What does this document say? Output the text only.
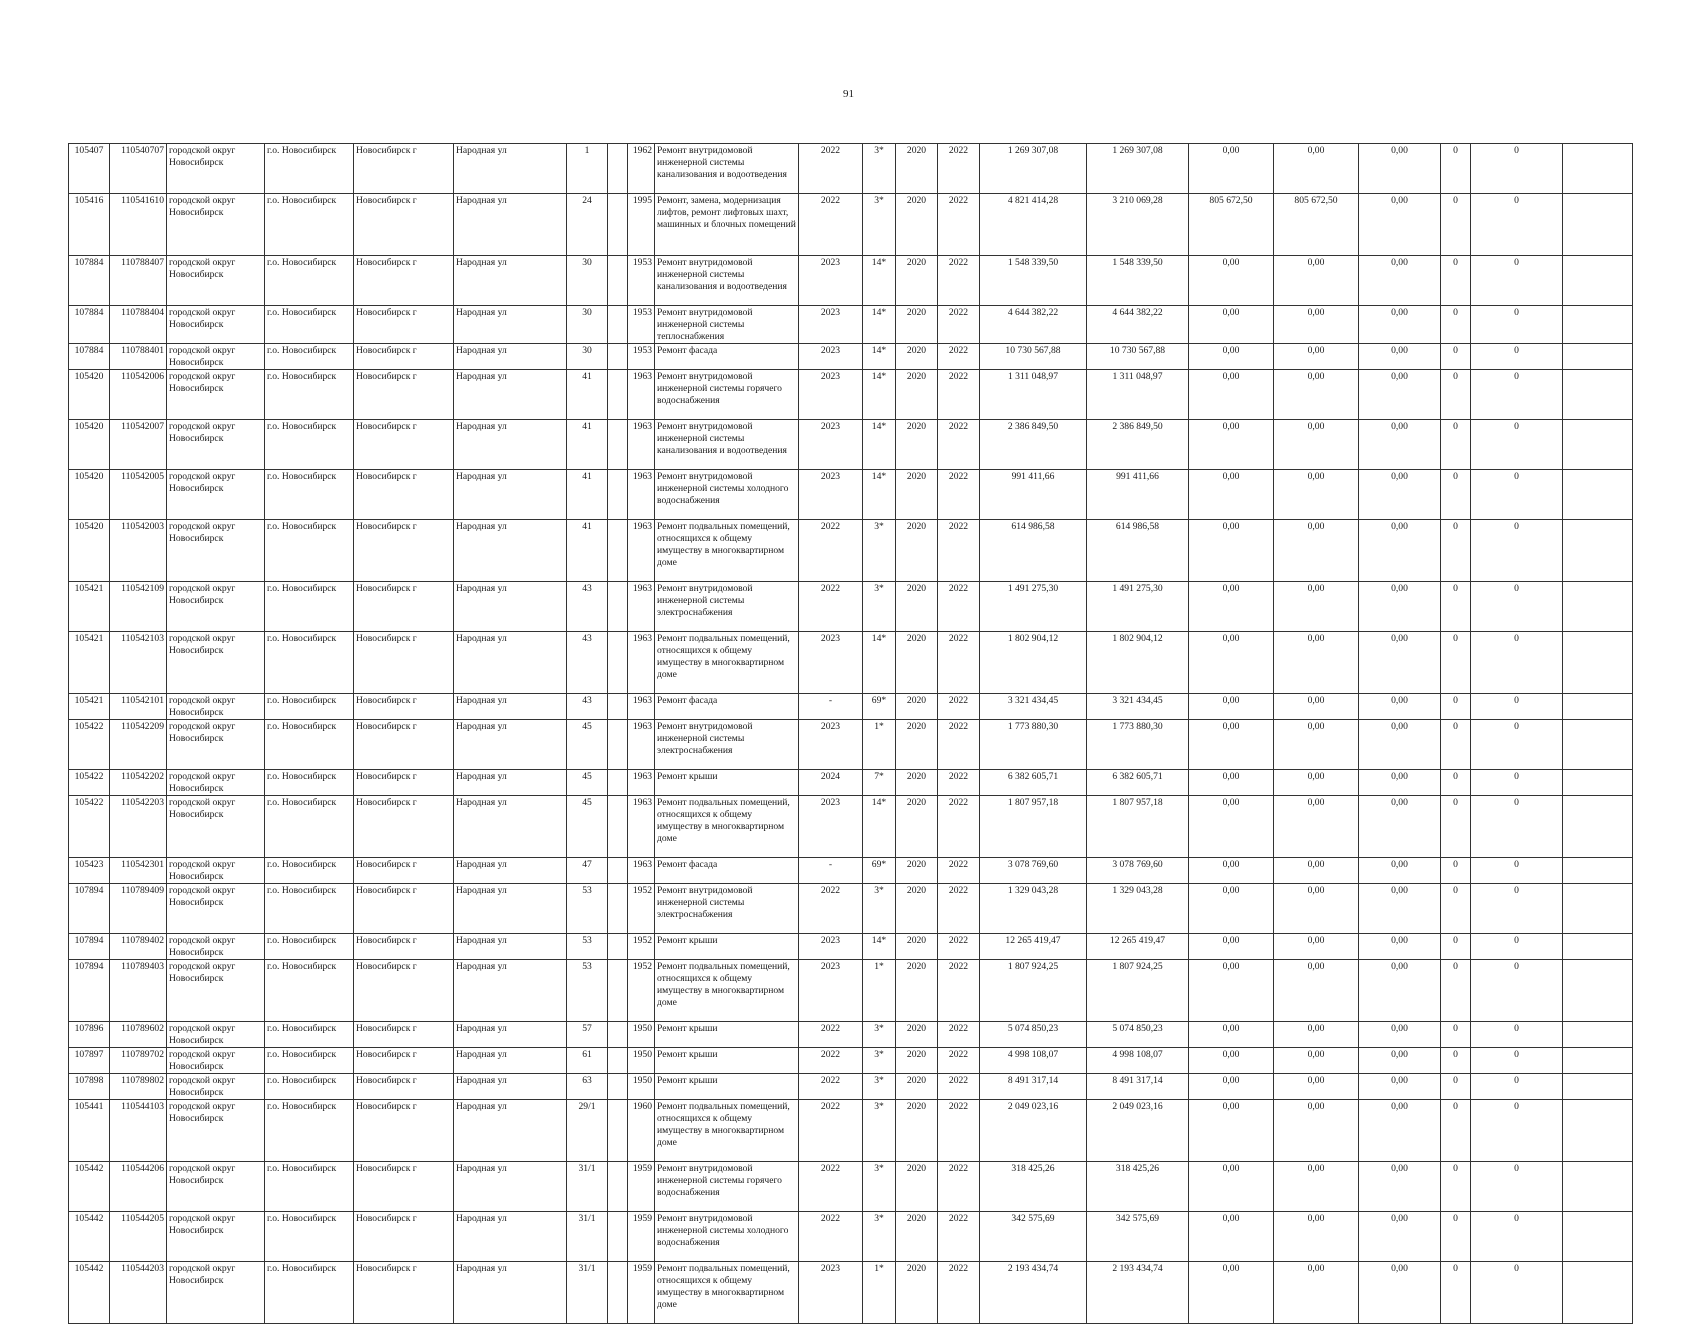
91
105407	110540707	городской округ Новосибирск	г.о. Новосибирск	Новосибирск г	Народная ул	1		1962	Ремонт внутридомовой инженерной системы канализования и водоотведения	2022	3*	2020	2022	1 269 307,08	1 269 307,08	0,00	0,00	0,00	0	0	
105416	110541610	городской округ Новосибирск	г.о. Новосибирск	Новосибирск г	Народная ул	24		1995	Ремонт, замена, модернизация лифтов, ремонт лифтовых шахт, машинных и блочных помещений	2022	3*	2020	2022	4 821 414,28	3 210 069,28	805 672,50	805 672,50	0,00	0	0	
107884	110788407	городской округ Новосибирск	г.о. Новосибирск	Новосибирск г	Народная ул	30		1953	Ремонт внутридомовой инженерной системы канализования и водоотведения	2023	14*	2020	2022	1 548 339,50	1 548 339,50	0,00	0,00	0,00	0	0	
107884	110788404	городской округ Новосибирск	г.о. Новосибирск	Новосибирск г	Народная ул	30		1953	Ремонт внутридомовой инженерной системы теплоснабжения	2023	14*	2020	2022	4 644 382,22	4 644 382,22	0,00	0,00	0,00	0	0	
107884	110788401	городской округ Новосибирск	г.о. Новосибирск	Новосибирск г	Народная ул	30		1953	Ремонт фасада	2023	14*	2020	2022	10 730 567,88	10 730 567,88	0,00	0,00	0,00	0	0	
105420	110542006	городской округ Новосибирск	г.о. Новосибирск	Новосибирск г	Народная ул	41		1963	Ремонт внутридомовой инженерной системы горячего водоснабжения	2023	14*	2020	2022	1 311 048,97	1 311 048,97	0,00	0,00	0,00	0	0	
105420	110542007	городской округ Новосибирск	г.о. Новосибирск	Новосибирск г	Народная ул	41		1963	Ремонт внутридомовой инженерной системы канализования и водоотведения	2023	14*	2020	2022	2 386 849,50	2 386 849,50	0,00	0,00	0,00	0	0	
105420	110542005	городской округ Новосибирск	г.о. Новосибирск	Новосибирск г	Народная ул	41		1963	Ремонт внутридомовой инженерной системы холодного водоснабжения	2023	14*	2020	2022	991 411,66	991 411,66	0,00	0,00	0,00	0	0	
105420	110542003	городской округ Новосибирск	г.о. Новосибирск	Новосибирск г	Народная ул	41		1963	Ремонт подвальных помещений, относящихся к общему имуществу в многоквартирном доме	2022	3*	2020	2022	614 986,58	614 986,58	0,00	0,00	0,00	0	0	
105421	110542109	городской округ Новосибирск	г.о. Новосибирск	Новосибирск г	Народная ул	43		1963	Ремонт внутридомовой инженерной системы электроснабжения	2022	3*	2020	2022	1 491 275,30	1 491 275,30	0,00	0,00	0,00	0	0	
105421	110542103	городской округ Новосибирск	г.о. Новосибирск	Новосибирск г	Народная ул	43		1963	Ремонт подвальных помещений, относящихся к общему имуществу в многоквартирном доме	2023	14*	2020	2022	1 802 904,12	1 802 904,12	0,00	0,00	0,00	0	0	
105421	110542101	городской округ Новосибирск	г.о. Новосибирск	Новосибирск г	Народная ул	43		1963	Ремонт фасада	-	69*	2020	2022	3 321 434,45	3 321 434,45	0,00	0,00	0,00	0	0	
105422	110542209	городской округ Новосибирск	г.о. Новосибирск	Новосибирск г	Народная ул	45		1963	Ремонт внутридомовой инженерной системы электроснабжения	2023	1*	2020	2022	1 773 880,30	1 773 880,30	0,00	0,00	0,00	0	0	
105422	110542202	городской округ Новосибирск	г.о. Новосибирск	Новосибирск г	Народная ул	45		1963	Ремонт крыши	2024	7*	2020	2022	6 382 605,71	6 382 605,71	0,00	0,00	0,00	0	0	
105422	110542203	городской округ Новосибирск	г.о. Новосибирск	Новосибирск г	Народная ул	45		1963	Ремонт подвальных помещений, относящихся к общему имуществу в многоквартирном доме	2023	14*	2020	2022	1 807 957,18	1 807 957,18	0,00	0,00	0,00	0	0	
105423	110542301	городской округ Новосибирск	г.о. Новосибирск	Новосибирск г	Народная ул	47		1963	Ремонт фасада	-	69*	2020	2022	3 078 769,60	3 078 769,60	0,00	0,00	0,00	0	0	
107894	110789409	городской округ Новосибирск	г.о. Новосибирск	Новосибирск г	Народная ул	53		1952	Ремонт внутридомовой инженерной системы электроснабжения	2022	3*	2020	2022	1 329 043,28	1 329 043,28	0,00	0,00	0,00	0	0	
107894	110789402	городской округ Новосибирск	г.о. Новосибирск	Новосибирск г	Народная ул	53		1952	Ремонт крыши	2023	14*	2020	2022	12 265 419,47	12 265 419,47	0,00	0,00	0,00	0	0	
107894	110789403	городской округ Новосибирск	г.о. Новосибирск	Новосибирск г	Народная ул	53		1952	Ремонт подвальных помещений, относящихся к общему имуществу в многоквартирном доме	2023	1*	2020	2022	1 807 924,25	1 807 924,25	0,00	0,00	0,00	0	0	
107896	110789602	городской округ Новосибирск	г.о. Новосибирск	Новосибирск г	Народная ул	57		1950	Ремонт крыши	2022	3*	2020	2022	5 074 850,23	5 074 850,23	0,00	0,00	0,00	0	0	
107897	110789702	городской округ Новосибирск	г.о. Новосибирск	Новосибирск г	Народная ул	61		1950	Ремонт крыши	2022	3*	2020	2022	4 998 108,07	4 998 108,07	0,00	0,00	0,00	0	0	
107898	110789802	городской округ Новосибирск	г.о. Новосибирск	Новосибирск г	Народная ул	63		1950	Ремонт крыши	2022	3*	2020	2022	8 491 317,14	8 491 317,14	0,00	0,00	0,00	0	0	
105441	110544103	городской округ Новосибирск	г.о. Новосибирск	Новосибирск г	Народная ул	29/1		1960	Ремонт подвальных помещений, относящихся к общему имуществу в многоквартирном доме	2022	3*	2020	2022	2 049 023,16	2 049 023,16	0,00	0,00	0,00	0	0	
105442	110544206	городской округ Новосибирск	г.о. Новосибирск	Новосибирск г	Народная ул	31/1		1959	Ремонт внутридомовой инженерной системы горячего водоснабжения	2022	3*	2020	2022	318 425,26	318 425,26	0,00	0,00	0,00	0	0	
105442	110544205	городской округ Новосибирск	г.о. Новосибирск	Новосибирск г	Народная ул	31/1		1959	Ремонт внутридомовой инженерной системы холодного водоснабжения	2022	3*	2020	2022	342 575,69	342 575,69	0,00	0,00	0,00	0	0	
105442	110544203	городской округ Новосибирск	г.о. Новосибирск	Новосибирск г	Народная ул	31/1		1959	Ремонт подвальных помещений, относящихся к общему имуществу в многоквартирном доме	2023	1*	2020	2022	2 193 434,74	2 193 434,74	0,00	0,00	0,00	0	0	
